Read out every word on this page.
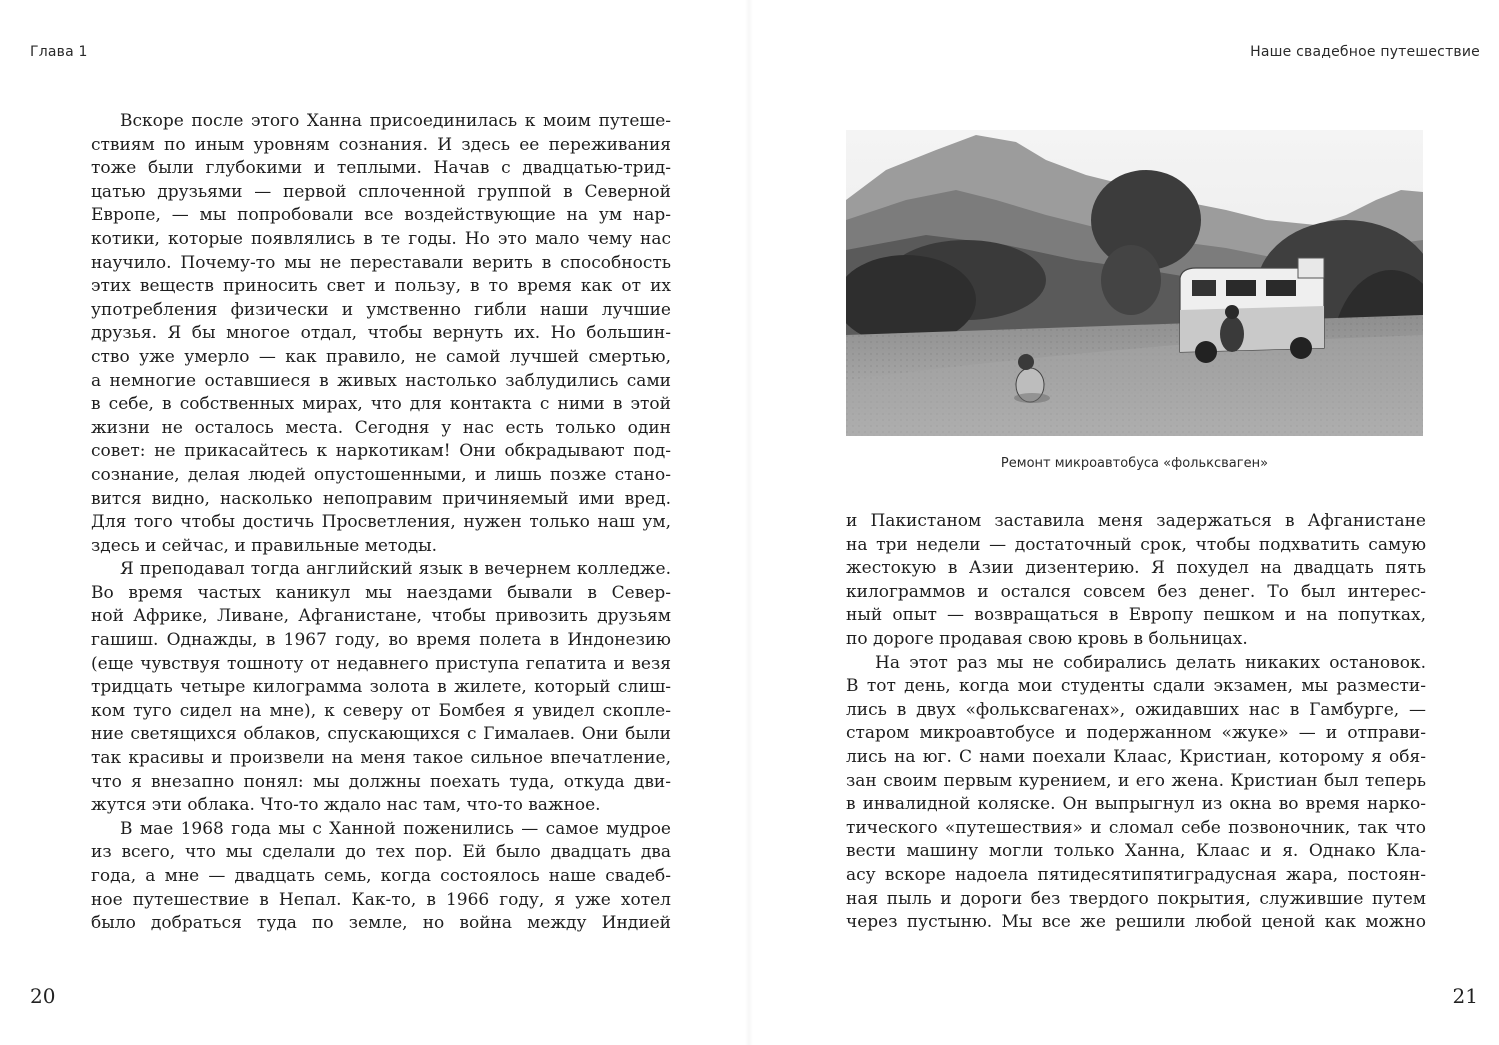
Глава 1	Наше свадебное путешествие
Вскоре после этого Ханна присоединилась к моим путеше-
ствиям по иным уровням сознания. И здесь ее переживания
тоже были глубокими и теплыми. Начав с двадцатью-трид-
цатью друзьями — первой сплоченной группой в Северной
Европе, — мы попробовали все воздействующие на ум нар-
котики, которые появлялись в те годы. Но это мало чему нас
научило. Почему-то мы не переставали верить в способность
этих веществ приносить свет и пользу, в то время как от их
употребления физически и умственно гибли наши лучшие
друзья. Я бы многое отдал, чтобы вернуть их. Но большин-
ство уже умерло — как правило, не самой лучшей смертью,
а немногие оставшиеся в живых настолько заблудились сами
в себе, в собственных мирах, что для контакта с ними в этой
жизни не осталось места. Сегодня у нас есть только один
совет: не прикасайтесь к наркотикам! Они обкрадывают под-
сознание, делая людей опустошенными, и лишь позже стано-
вится видно, насколько непоправим причиняемый ими вред.
Для того чтобы достичь Просветления, нужен только наш ум,
здесь и сейчас, и правильные методы.
Я преподавал тогда английский язык в вечернем колледже.
Во время частых каникул мы наездами бывали в Север-
ной Африке, Ливане, Афганистане, чтобы привозить друзьям
гашиш. Однажды, в 1967 году, во время полета в Индонезию
(еще чувствуя тошноту от недавнего приступа гепатита и везя
тридцать четыре килограмма золота в жилете, который слиш-
ком туго сидел на мне), к северу от Бомбея я увидел скопле-
ние светящихся облаков, спускающихся с Гималаев. Они были
так красивы и произвели на меня такое сильное впечатление,
что я внезапно понял: мы должны поехать туда, откуда дви-
жутся эти облака. Что-то ждало нас там, что-то важное.
В мае 1968 года мы с Ханной поженились — самое мудрое
из всего, что мы сделали до тех пор. Ей было двадцать два
года, а мне — двадцать семь, когда состоялось наше свадеб-
ное путешествие в Непал. Как-то, в 1966 году, я уже хотел
было добраться туда по земле, но война между Индией
Ремонт микроавтобуса «фольксваген»
и Пакистаном заставила меня задержаться в Афганистане
на три недели — достаточный срок, чтобы подхватить самую
жестокую в Азии дизентерию. Я похудел на двадцать пять
килограммов и остался совсем без денег. То был интерес-
ный опыт — возвращаться в Европу пешком и на попутках,
по дороге продавая свою кровь в больницах.
На этот раз мы не собирались делать никаких остановок.
В тот день, когда мои студенты сдали экзамен, мы размести-
лись в двух «фольксвагенах», ожидавших нас в Гамбурге, —
старом микроавтобусе и подержанном «жуке» — и отправи-
лись на юг. С нами поехали Клаас, Кристиан, которому я обя-
зан своим первым курением, и его жена. Кристиан был теперь
в инвалидной коляске. Он выпрыгнул из окна во время нарко-
тического «путешествия» и сломал себе позвоночник, так что
вести машину могли только Ханна, Клаас и я. Однако Кла-
асу вскоре надоела пятидесятипятиградусная жара, постоян-
ная пыль и дороги без твердого покрытия, служившие путем
через пустыню. Мы все же решили любой ценой как можно
20	21
